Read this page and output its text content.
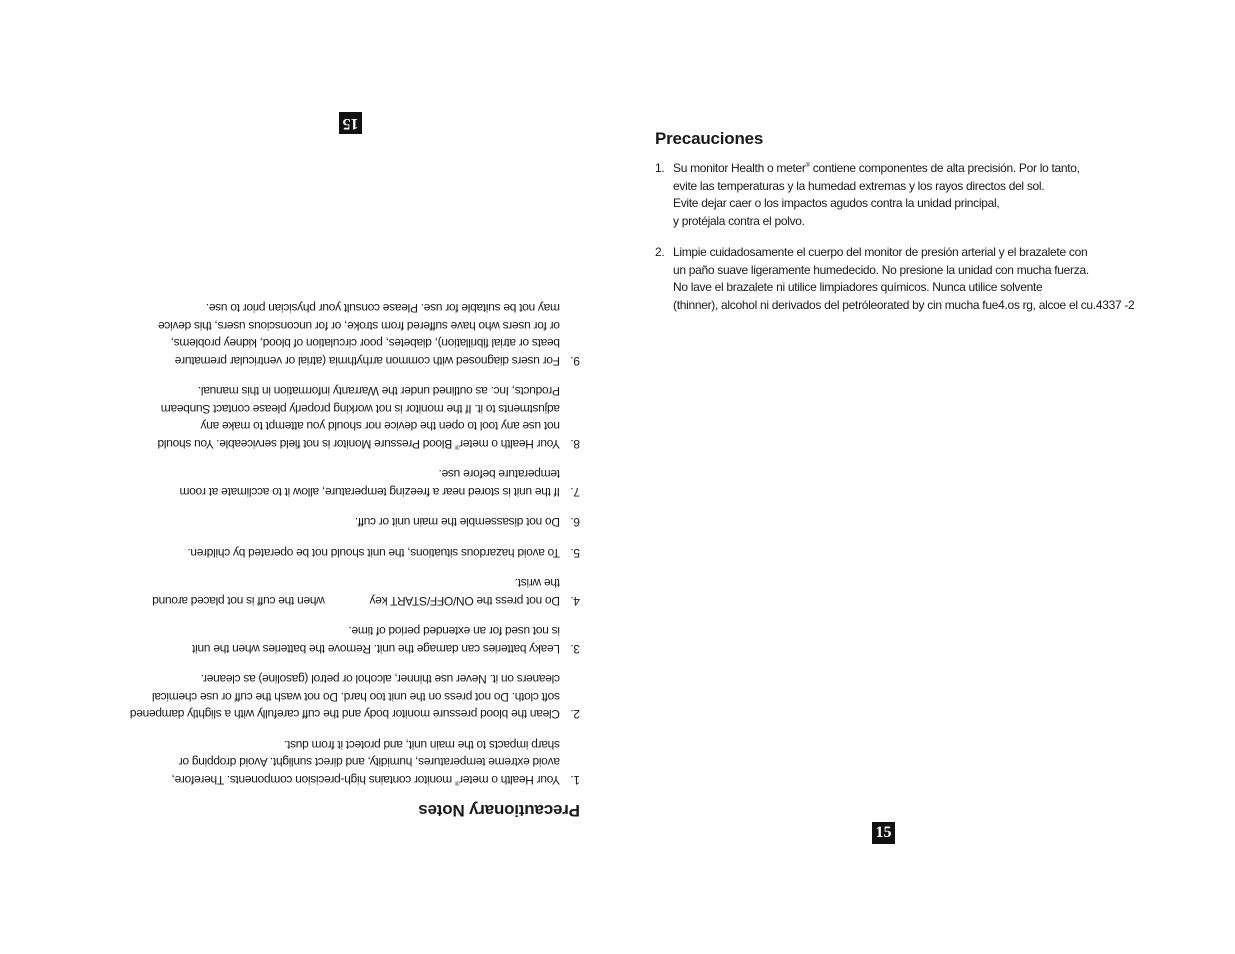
15
Precautionary Notes
1.
Your Health o meter® monitor contains high-precision components. Therefore,
avoid extreme temperatures, humidity, and direct sunlight. Avoid dropping or
sharp impacts to the main unit, and protect it from dust.
2.
Clean the blood pressure monitor body and the cuff carefully with a slightly dampened
soft cloth. Do not press on the unit too hard. Do not wash the cuff or use chemical
cleaners on it. Never use thinner, alcohol or petrol (gasoline) as cleaner.
3.
Leaky batteries can damage the unit. Remove the batteries when the unit
is not used for an extended period of time.
4.
Do not press the ON/OFF/START keywhen the cuff is not placed around
the wrist.
5.
To avoid hazardous situations, the unit should not be operated by children.
6.
Do not disassemble the main unit or cuff.
7.
If the unit is stored near a freezing temperature, allow it to acclimate at room
temperature before use.
8.
Your Health o meter® Blood Pressure Monitor is not field serviceable. You should
not use any tool to open the device nor should you attempt to make any
adjustments to it. If the monitor is not working properly please contact Sunbeam
Products, Inc. as outlined under the Warranty information in this manual.
9.
For users diagnosed with common arrhythmia (atrial or ventricular premature
beats or atrial fibrillation), diabetes, poor circulation of blood, kidney problems,
or for users who have suffered from stroke, or for unconscious users, this device
may not be suitable for use. Please consult your physician prior to use.
Precauciones
1. Su monitor Health o meter® contiene componentes de alta precisión. Por lo tanto,
evite las temperaturas y la humedad extremas y los rayos directos del sol.
Evite dejar caer o los impactos agudos contra la unidad principal,
y protéjala contra el polvo.
2. Limpie cuidadosamente el cuerpo del monitor de presión arterial y el brazalete con
un paño suave ligeramente humedecido. No presione la unidad con mucha fuerza.
No lave el brazalete ni utilice limpiadores químicos. Nunca utilice solvente
(thinner), alcohol ni derivados del petróleorated by cin mucha fue4.os rg, alcoe el cu.4337 -2
15
